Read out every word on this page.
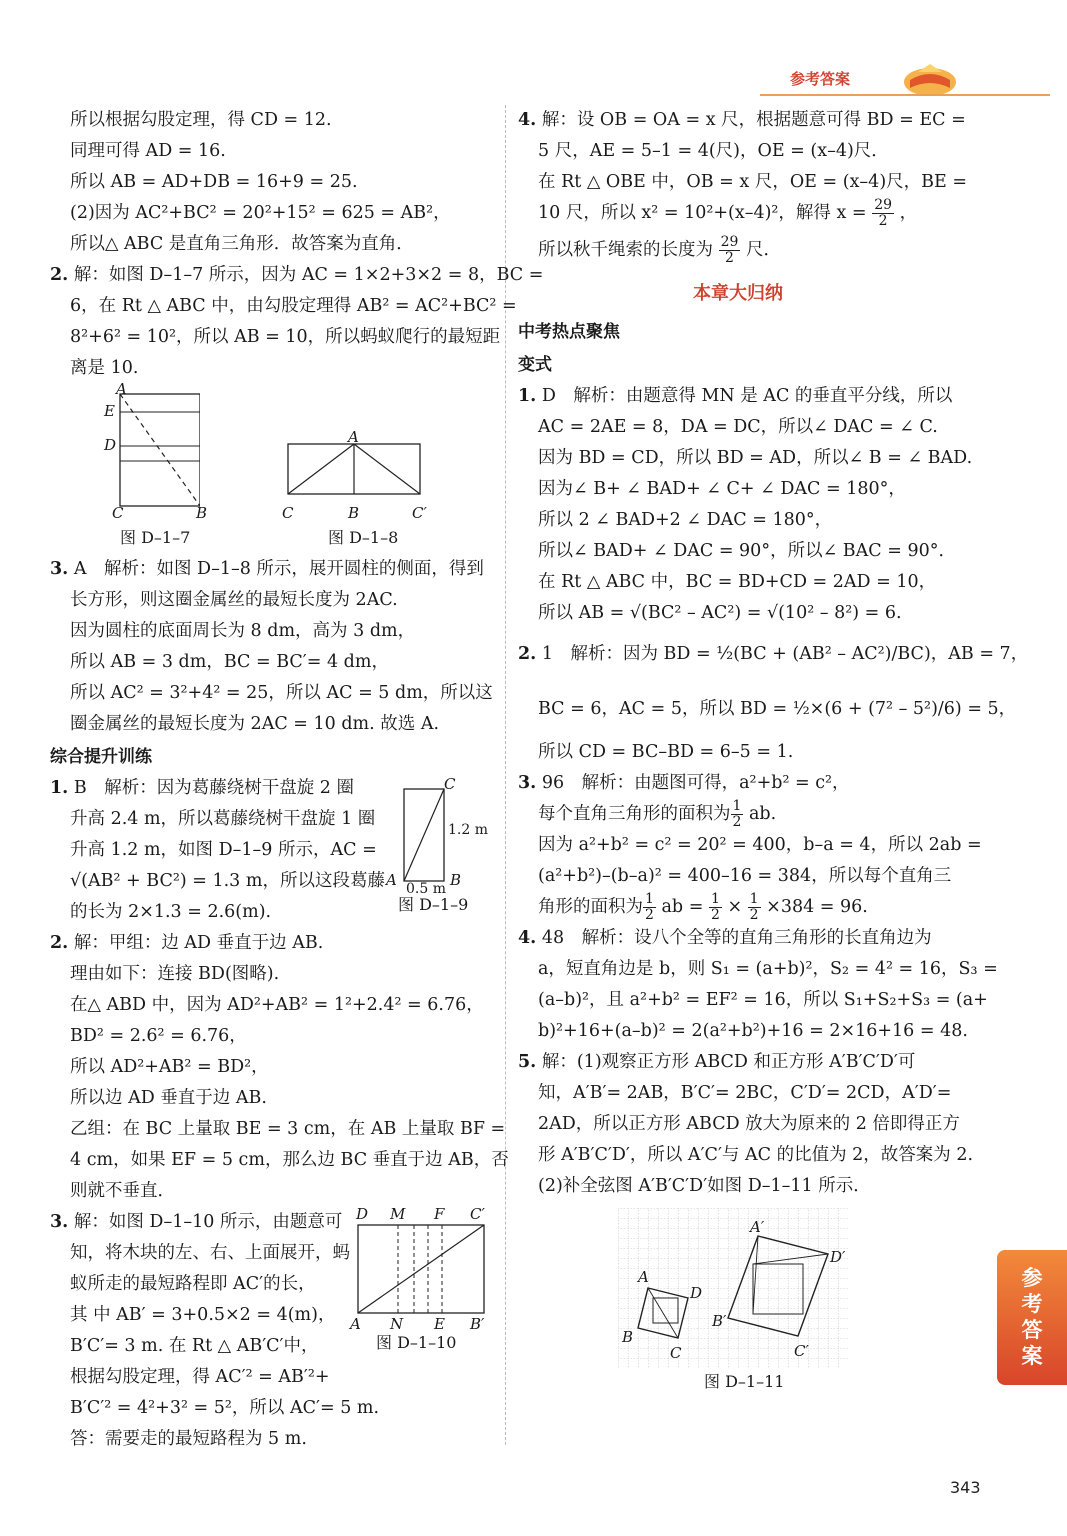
参考答案
所以根据勾股定理，得 CD = 12.
同理可得 AD = 16.
所以 AB = AD+DB = 16+9 = 25.
(2)因为 AC²+BC² = 20²+15² = 625 = AB²，
所以△ ABC 是直角三角形．故答案为直角．
2. 解：如图 D–1–7 所示，因为 AC = 1×2+3×2 = 8，BC =
6，在 Rt △ ABC 中，由勾股定理得 AB² = AC²+BC² =
8²+6² = 10²，所以 AB = 10，所以蚂蚁爬行的最短距
离是 10.
A
E
D
C	B
图 D–1–7
A
C	B	C′
图 D–1–8
3. A　解析：如图 D–1–8 所示，展开圆柱的侧面，得到
长方形，则这圈金属丝的最短长度为 2AC.
因为圆柱的底面周长为 8 dm，高为 3 dm，
所以 AB = 3 dm，BC = BC′= 4 dm，
所以 AC² = 3²+4² = 25，所以 AC = 5 dm，所以这
圈金属丝的最短长度为 2AC = 10 dm. 故选 A.
综合提升训练
1. B　解析：因为葛藤绕树干盘旋 2 圈
升高 2.4 m，所以葛藤绕树干盘旋 1 圈
升高 1.2 m，如图 D–1–9 所示，AC =
√(AB² + BC²) = 1.3 m，所以这段葛藤
的长为 2×1.3 = 2.6(m).
C
1.2 m
A	B
0.5 m
图 D–1–9
2. 解：甲组：边 AD 垂直于边 AB.
理由如下：连接 BD(图略).
在△ ABD 中，因为 AD²+AB² = 1²+2.4² = 6.76，
BD² = 2.6² = 6.76，
所以 AD²+AB² = BD²，
所以边 AD 垂直于边 AB.
乙组：在 BC 上量取 BE = 3 cm，在 AB 上量取 BF =
4 cm，如果 EF = 5 cm，那么边 BC 垂直于边 AB，否
则就不垂直．
3. 解：如图 D–1–10 所示，由题意可
知，将木块的左、右、上面展开，蚂
蚁所走的最短路程即 AC′的长，
其 中 AB′ = 3+0.5×2 = 4(m)，
B′C′= 3 m. 在 Rt △ AB′C′中，
根据勾股定理，得 AC′² = AB′²+
B′C′² = 4²+3² = 5²，所以 AC′= 5 m.
答：需要走的最短路程为 5 m.
D M F C′
A N E B′
图 D–1–10
4. 解：设 OB = OA = x 尺，根据题意可得 BD = EC =
5 尺，AE = 5–1 = 4(尺)，OE = (x–4)尺．
在 Rt △ OBE 中，OB = x 尺，OE = (x–4)尺，BE =
10 尺，所以 x² = 10²+(x–4)²，解得 $x = \frac{29}{2}$ ，
所以秋千绳索的长度为 $\frac{29}{2}$ 尺．
本章大归纳
中考热点聚焦
变式
1. D　解析：由题意得 MN 是 AC 的垂直平分线，所以
AC = 2AE = 8，DA = DC，所以∠ DAC = ∠ C.
因为 BD = CD，所以 BD = AD，所以∠ B = ∠ BAD.
因为∠ B+ ∠ BAD+ ∠ C+ ∠ DAC = 180°，
所以 2 ∠ BAD+2 ∠ DAC = 180°，
所以∠ BAD+ ∠ DAC = 90°，所以∠ BAC = 90°．
在 Rt △ ABC 中，BC = BD+CD = 2AD = 10，
所以 AB = √(BC² – AC²) = √(10² – 8²) = 6.
2. 1　解析：因为 BD = ½(BC + (AB² – AC²)/BC)，AB = 7，
BC = 6，AC = 5，所以 BD = ½×(6 + (7² – 5²)/6) = 5，
所以 CD = BC–BD = 6–5 = 1.
3. 96　解析：由题图可得，a²+b² = c²，
每个直角三角形的面积为 $\frac{1}{2}$ ab.
因为 a²+b² = c² = 20² = 400，b–a = 4，所以 2ab =
(a²+b²)–(b–a)² = 400–16 = 384，所以每个直角三
角形的面积为 $\frac{1}{2}$ ab = $\frac{1}{2} \times \frac{1}{2} \times 384 = 96$.
4. 48　解析：设八个全等的直角三角形的长直角边为
a，短直角边是 b，则 S₁ = (a+b)²，S₂ = 4² = 16，S₃ =
(a–b)²，且 a²+b² = EF² = 16，所以 S₁+S₂+S₃ = (a+
b)²+16+(a–b)² = 2(a²+b²)+16 = 2×16+16 = 48.
5. 解：(1)观察正方形 ABCD 和正方形 A′B′C′D′可
知，A′B′= 2AB，B′C′= 2BC，C′D′= 2CD，A′D′=
2AD，所以正方形 ABCD 放大为原来的 2 倍即得正方
形 A′B′C′D′，所以 A′C′与 AC 的比值为 2，故答案为 2.
(2)补全弦图 A′B′C′D′如图 D–1–11 所示．
A
D
B
C
A′
D′
B′
C′
图 D–1–11
参考答案
343
